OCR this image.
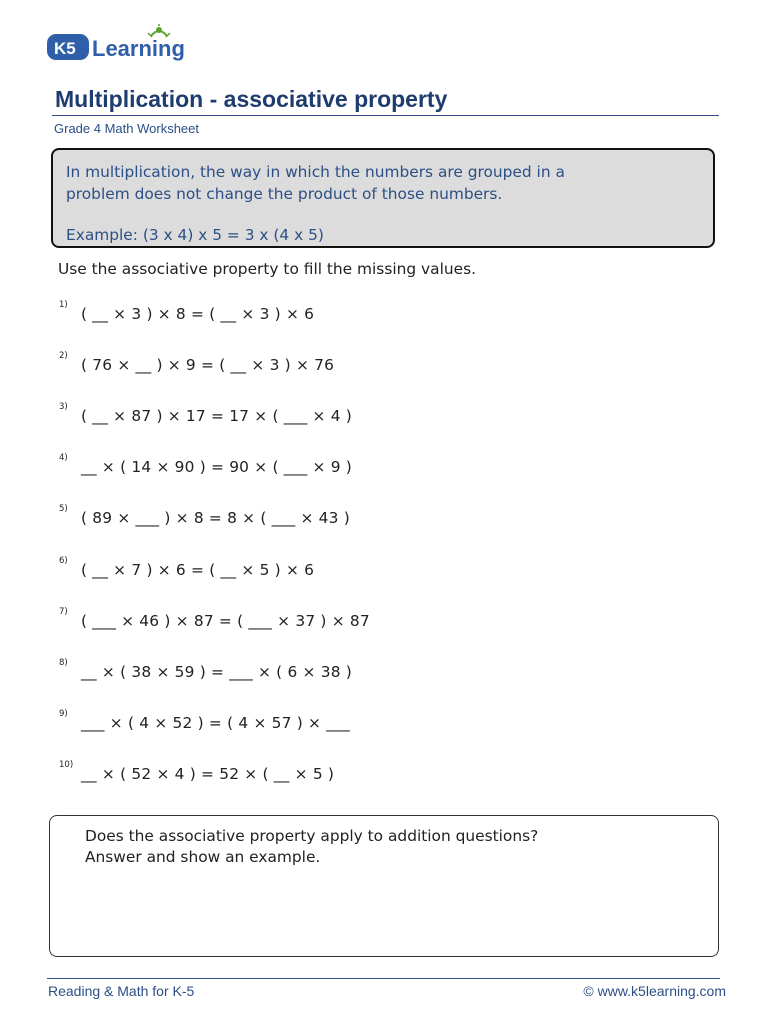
K5 Learning
Multiplication - associative property
Grade 4 Math Worksheet
In multiplication, the way in which the numbers are grouped in a
problem does not change the product of those numbers.
Example: (3 x 4) x 5 = 3 x (4 x 5)
Use the associative property to fill the missing values.
1) ( __ × 3 ) × 8 = ( __ × 3 ) × 6
2) ( 76 × __ ) × 9 = ( __ × 3 ) × 76
3) ( __ × 87 ) × 17 = 17 × ( ___ × 4 )
4) __ × ( 14 × 90 ) = 90 × ( ___ × 9 )
5) ( 89 × ___ ) × 8 = 8 × ( ___ × 43 )
6) ( __ × 7 ) × 6 = ( __ × 5 ) × 6
7) ( ___ × 46 ) × 87 = ( ___ × 37 ) × 87
8) __ × ( 38 × 59 ) = ___ × ( 6 × 38 )
9) ___ × ( 4 × 52 ) = ( 4 × 57 ) × ___
10) __ × ( 52 × 4 ) = 52 × ( __ × 5 )
Does the associative property apply to addition questions?
Answer and show an example.
Reading & Math for K-5	© www.k5learning.com
